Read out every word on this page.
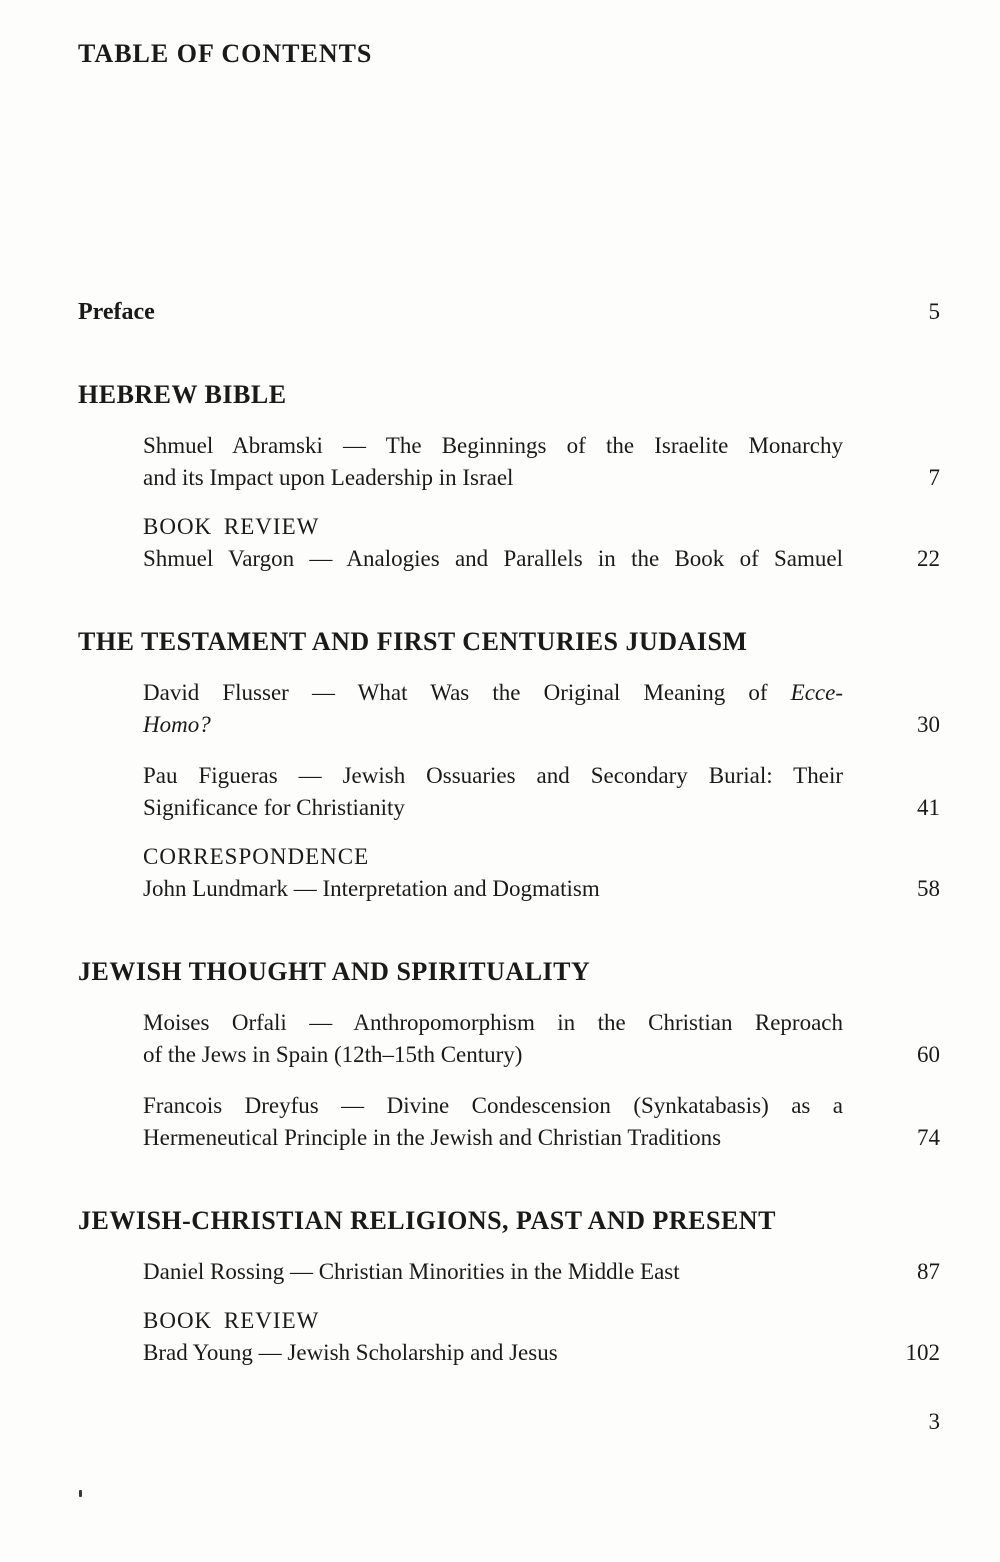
TABLE OF CONTENTS
Preface	5
HEBREW BIBLE
Shmuel Abramski — The Beginnings of the Israelite Monarchy
and its Impact upon Leadership in Israel	7
BOOK REVIEW
Shmuel Vargon — Analogies and Parallels in the Book of Samuel	22
THE TESTAMENT AND FIRST CENTURIES JUDAISM
David Flusser — What Was the Original Meaning of Ecce-
Homo?	30
Pau Figueras — Jewish Ossuaries and Secondary Burial: Their
Significance for Christianity	41
CORRESPONDENCE
John Lundmark — Interpretation and Dogmatism	58
JEWISH THOUGHT AND SPIRITUALITY
Moises Orfali — Anthropomorphism in the Christian Reproach
of the Jews in Spain (12th–15th Century)	60
Francois Dreyfus — Divine Condescension (Synkatabasis) as a
Hermeneutical Principle in the Jewish and Christian Traditions	74
JEWISH-CHRISTIAN RELIGIONS, PAST AND PRESENT
Daniel Rossing — Christian Minorities in the Middle East	87
BOOK REVIEW
Brad Young — Jewish Scholarship and Jesus	102
3
